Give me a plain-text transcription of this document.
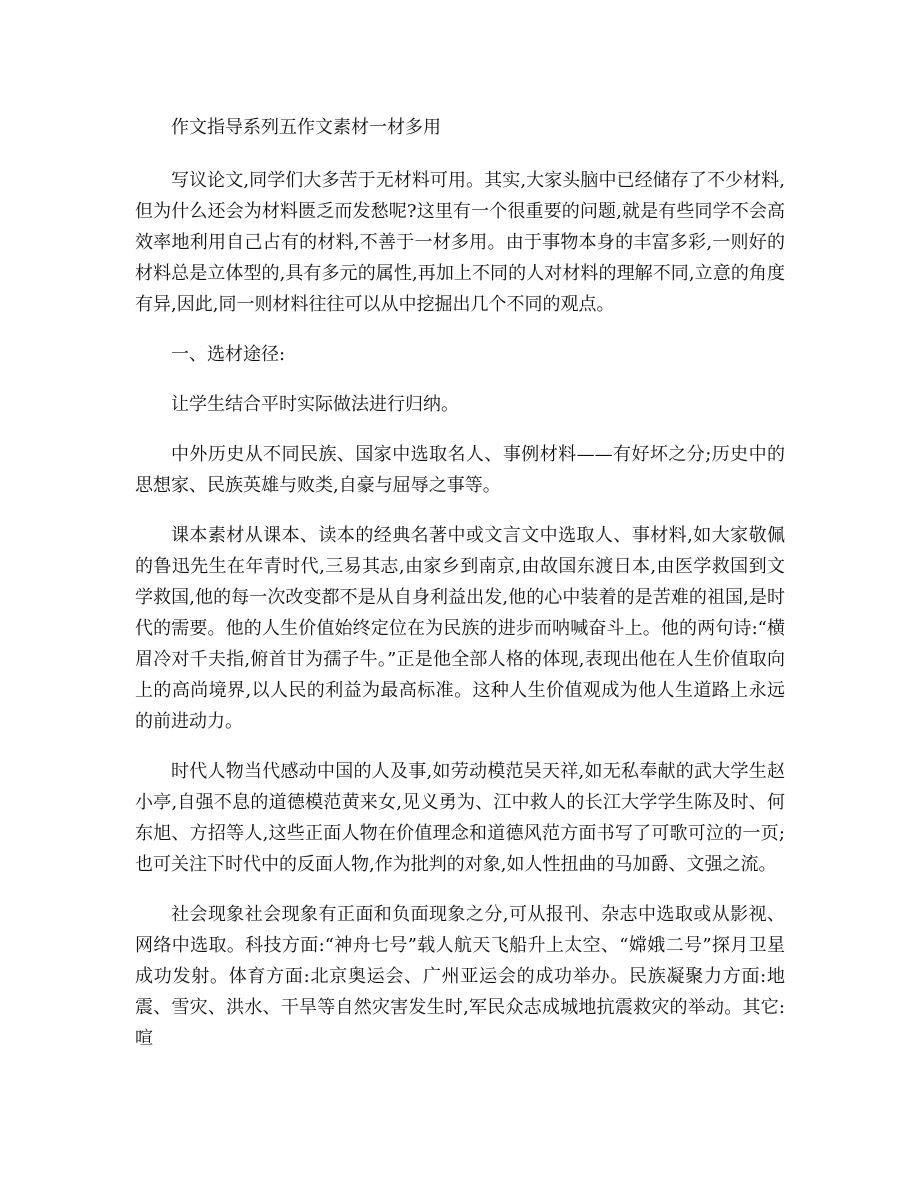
作文指导系列五作文素材一材多用

写议论文,同学们大多苦于无材料可用。其实,大家头脑中已经储存了不少材料,但为什么还会为材料匮乏而发愁呢?这里有一个很重要的问题,就是有些同学不会高效率地利用自己占有的材料,不善于一材多用。由于事物本身的丰富多彩,一则好的材料总是立体型的,具有多元的属性,再加上不同的人对材料的理解不同,立意的角度有异,因此,同一则材料往往可以从中挖掘出几个不同的观点。

一、选材途径:

让学生结合平时实际做法进行归纳。

中外历史从不同民族、国家中选取名人、事例材料——有好坏之分;历史中的思想家、民族英雄与败类,自豪与屈辱之事等。

课本素材从课本、读本的经典名著中或文言文中选取人、事材料,如大家敬佩的鲁迅先生在年青时代,三易其志,由家乡到南京,由故国东渡日本,由医学救国到文学救国,他的每一次改变都不是从自身利益出发,他的心中装着的是苦难的祖国,是时代的需要。他的人生价值始终定位在为民族的进步而呐喊奋斗上。他的两句诗:“横眉冷对千夫指,俯首甘为孺子牛。”正是他全部人格的体现,表现出他在人生价值取向上的高尚境界,以人民的利益为最高标准。这种人生价值观成为他人生道路上永远的前进动力。

时代人物当代感动中国的人及事,如劳动模范吴天祥,如无私奉献的武大学生赵小亭,自强不息的道德模范黄来女,见义勇为、江中救人的长江大学学生陈及时、何东旭、方招等人,这些正面人物在价值理念和道德风范方面书写了可歌可泣的一页;也可关注下时代中的反面人物,作为批判的对象,如人性扭曲的马加爵、文强之流。

社会现象社会现象有正面和负面现象之分,可从报刊、杂志中选取或从影视、网络中选取。科技方面:“神舟七号”载人航天飞船升上太空、“嫦娥二号”探月卫星成功发射。体育方面:北京奥运会、广州亚运会的成功举办。民族凝聚力方面:地震、雪灾、洪水、干旱等自然灾害发生时,军民众志成城地抗震救灾的举动。其它:喧
